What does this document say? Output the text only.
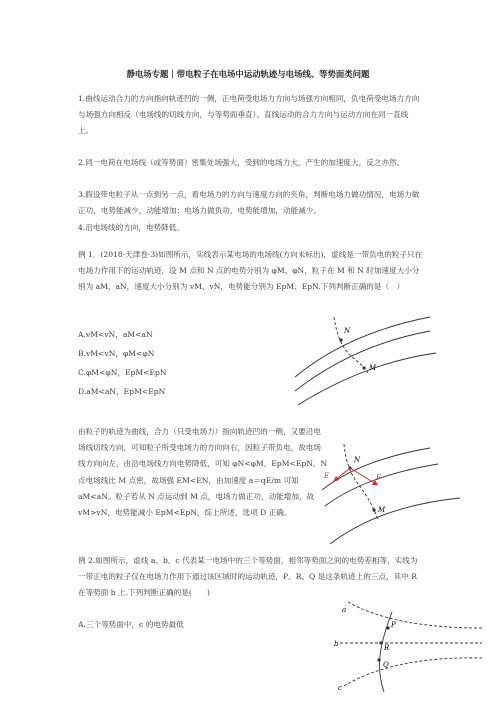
静电场专题｜带电粒子在电场中运动轨迹与电场线、等势面类问题

1.曲线运动合力的方向指向轨迹凹的一侧，正电荷受电场力方向与场强方向相同，负电荷受电场力方向与场强方向相反（电场线的切线方向，与等势面垂直）。直线运动的合力方向与运动方向在同一直线上。

2.同一电荷在电场线（或等势面）密集处场强大，受到的电场力大，产生的加速度大，反之亦然。

3.假设带电粒子从一点到另一点，看电场力的方向与速度方向的夹角，判断电场力做功情况，电场力做正功，电势能减少，动能增加；电场力做负功，电势能增加，动能减少。

4.沿电场线的方向，电势降低。

例 1．(2018·天津卷·3)如图所示，实线表示某电场的电场线(方向未标出)，虚线是一带负电的粒子只在电场力作用下的运动轨迹，设 M 点和 N 点的电势分别为 φM、φN，粒子在 M 和 N 时加速度大小分别为 aM、aN，速度大小分别为 vM、vN，电势能分别为 EpM、EpN.下列判断正确的是（　）

A.vM<vN，aM<aN
B.vM<vN，φM<φN
C.φM<φN，EpM<EpN
D.aM<aN，EpM<EpN
N
M

由粒子的轨迹为曲线，合力（只受电场力）指向轨迹凹的一侧，又要沿电场线切线方向，可知粒子所受电场力的方向向右，因粒子带负电，故电场线方向向左，由沿电场线方向电势降低，可知 φN<φM，EpM<EpN。N 点电场线比 M 点密，故场强 EM<EN，由加速度 a＝qE/m 可知 aM<aN。粒子若从 N 点运动到 M 点，电场力做正功，动能增加，故 vM>vN，电势能减小 EpM<EpN，综上所述，选项 D 正确。

N
M
E	F

例 2.如图所示，虚线 a、b、c 代表某一电场中的三个等势面，相邻等势面之间的电势差相等，实线为一带正电的粒子仅在电场力作用下通过该区域时的运动轨迹，P、R、Q 是这条轨迹上的三点，其中 R 在等势面 b 上.下列判断正确的是(　　)

A.三个等势面中，c 的电势最低
a
b
c
P
R
Q
